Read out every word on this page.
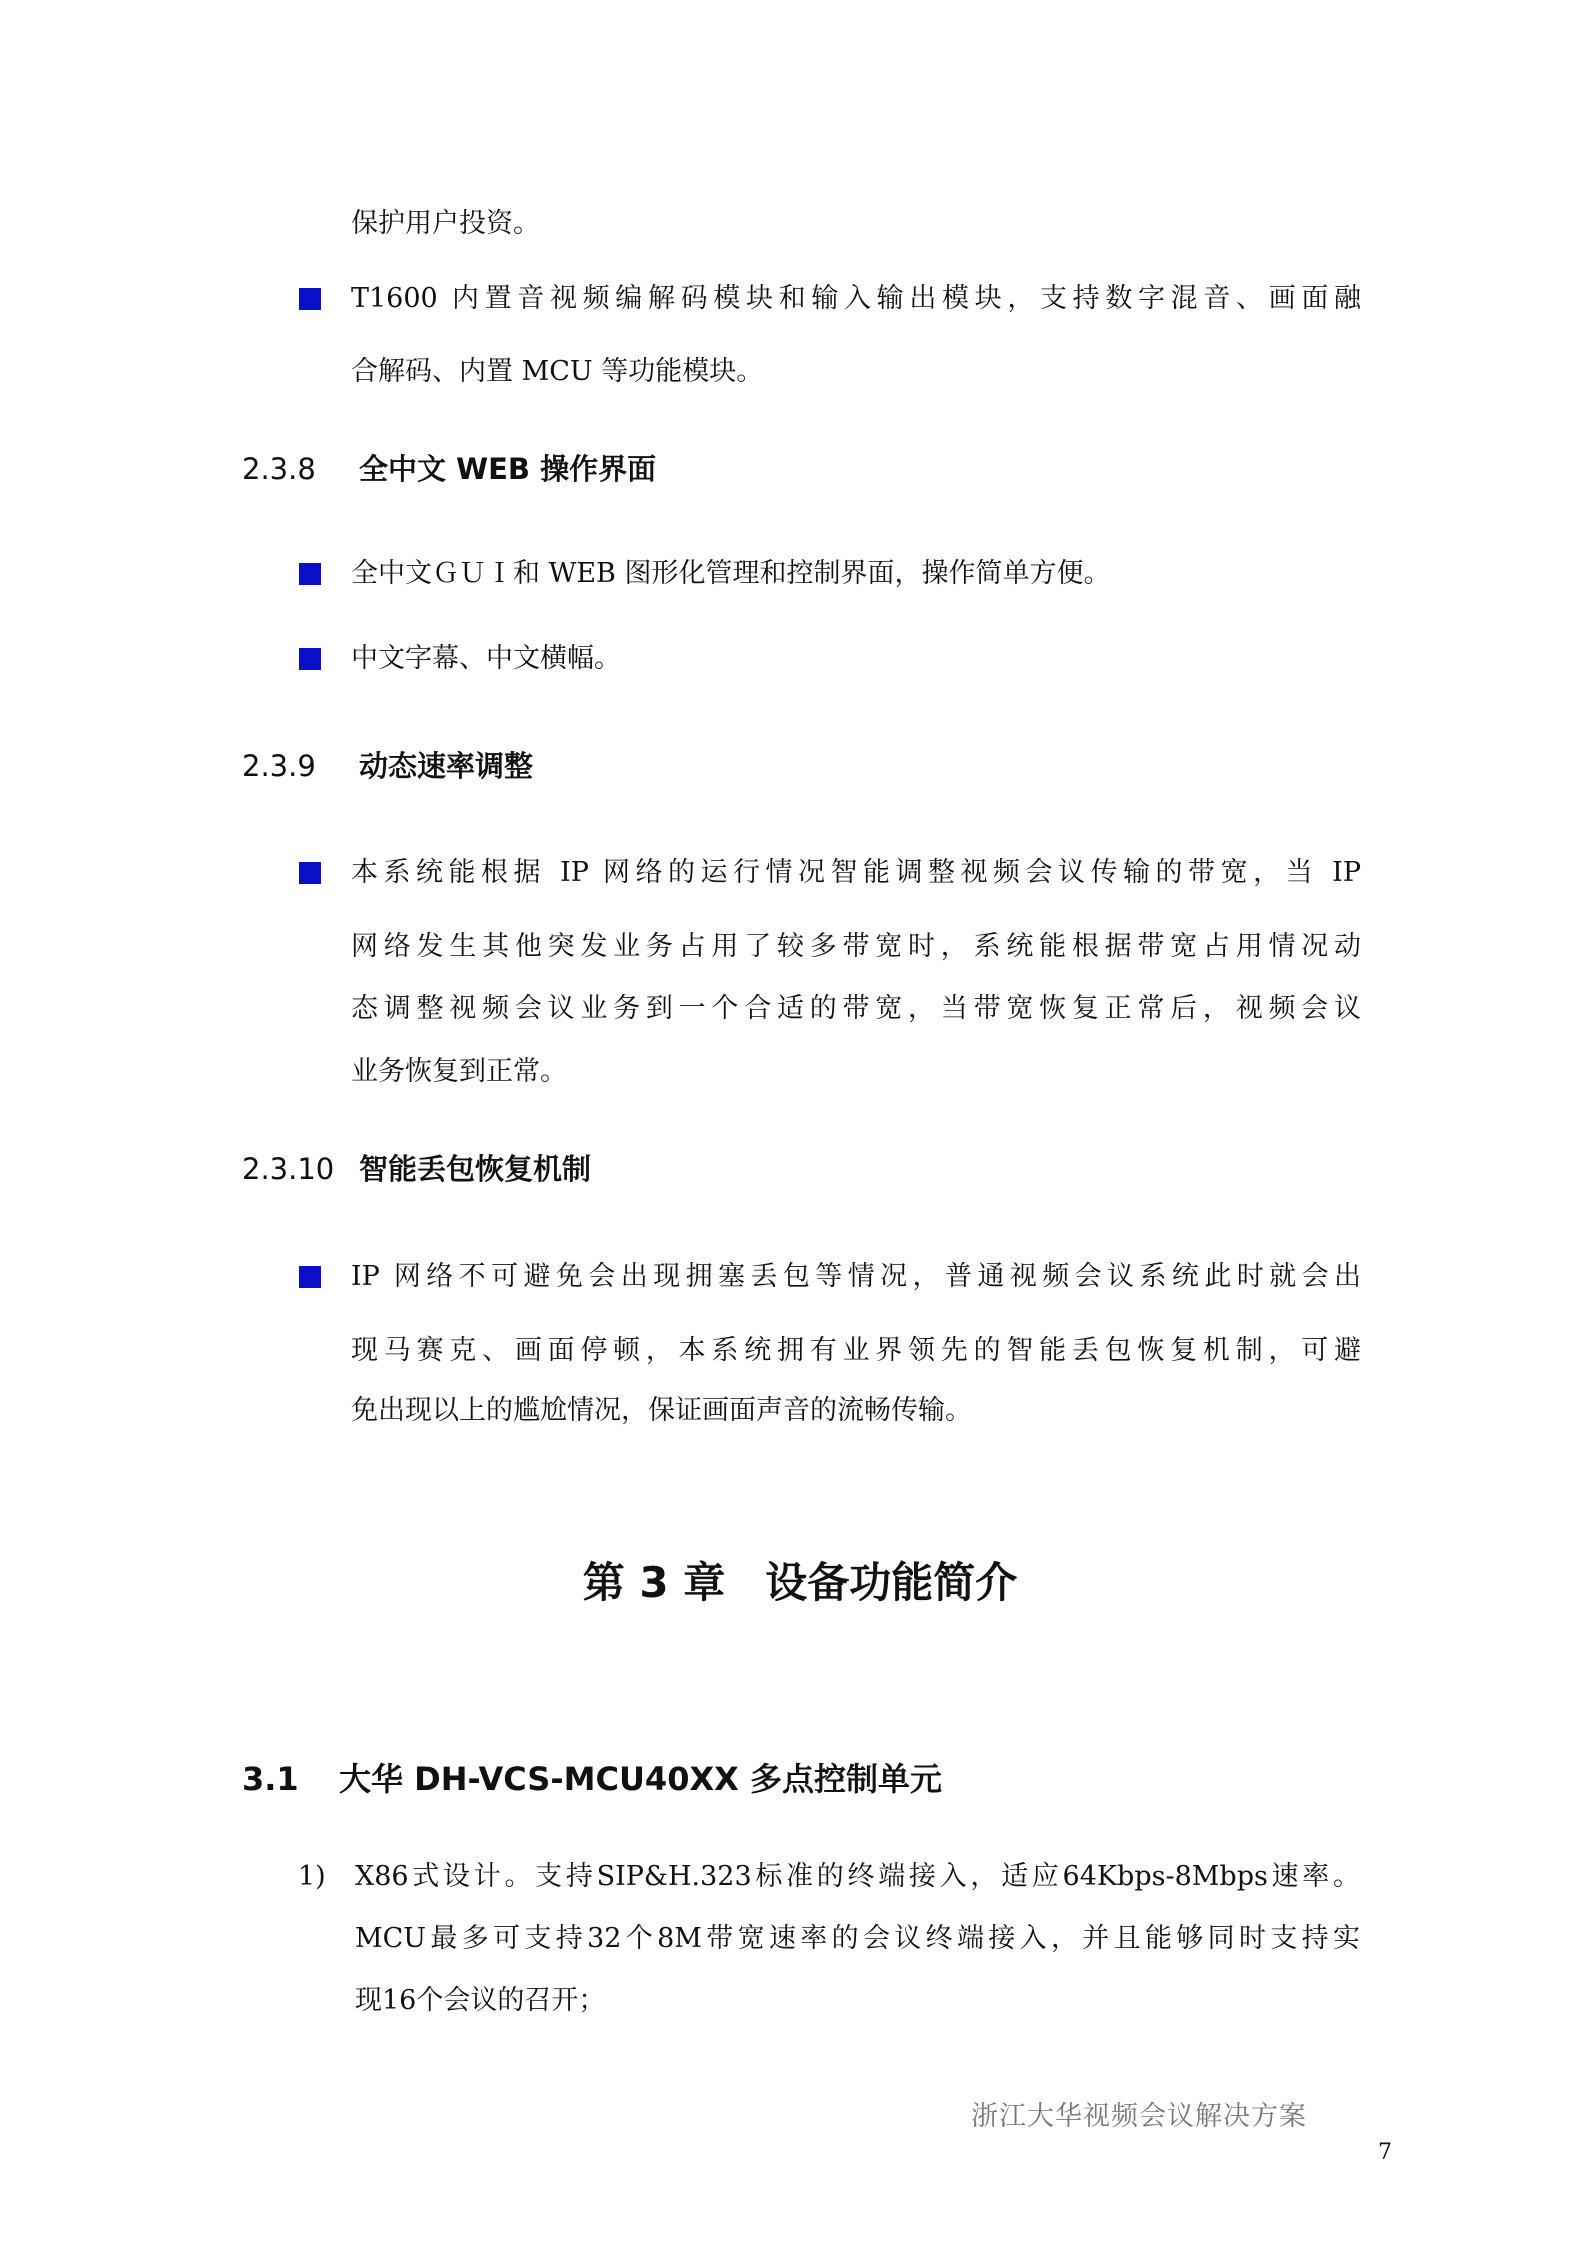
保护用户投资。
T1600 内置音视频编解码模块和输入输出模块，支持数字混音、画面融
合解码、内置 MCU 等功能模块。
2.3.8 全中文 WEB 操作界面
全中文ＧＵＩ和 WEB 图形化管理和控制界面，操作简单方便。
中文字幕、中文横幅。
2.3.9 动态速率调整
本系统能根据 IP 网络的运行情况智能调整视频会议传输的带宽，当 IP
网络发生其他突发业务占用了较多带宽时，系统能根据带宽占用情况动
态调整视频会议业务到一个合适的带宽，当带宽恢复正常后，视频会议
业务恢复到正常。
2.3.10 智能丢包恢复机制
IP 网络不可避免会出现拥塞丢包等情况，普通视频会议系统此时就会出
现马赛克、画面停顿，本系统拥有业界领先的智能丢包恢复机制，可避
免出现以上的尴尬情况，保证画面声音的流畅传输。
第 3 章 设备功能简介
3.1 大华 DH-VCS-MCU40XX 多点控制单元
1)	X86式设计。支持SIP&H.323标准的终端接入，适应64Kbps-8Mbps速率。
MCU最多可支持32个8M带宽速率的会议终端接入，并且能够同时支持实
现16个会议的召开；
浙江大华视频会议解决方案
7
